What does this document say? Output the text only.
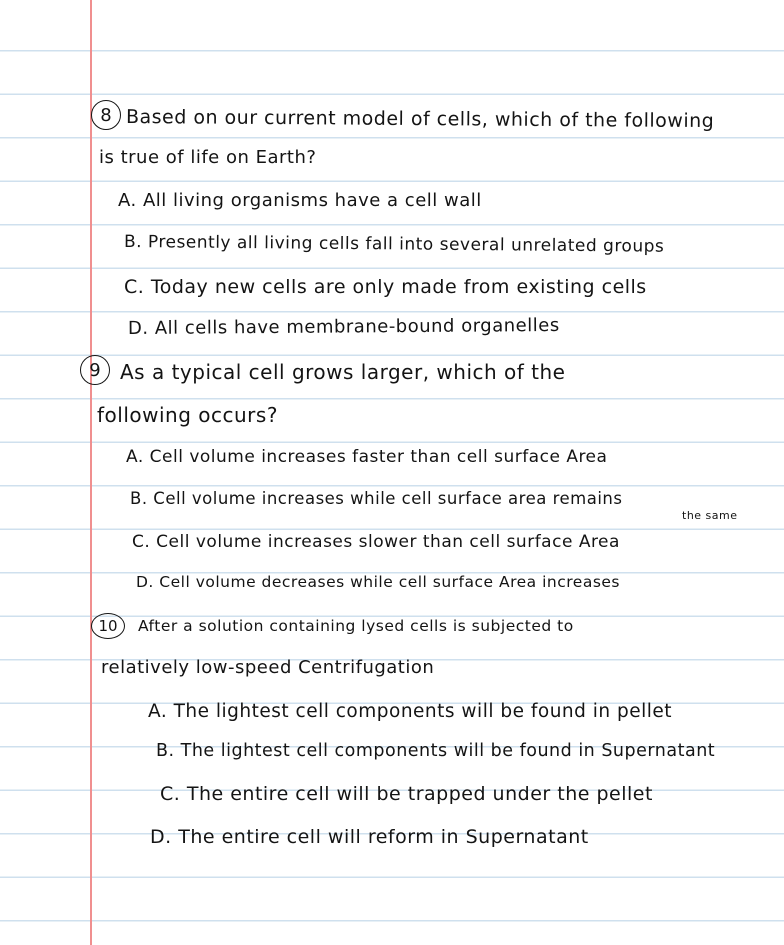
8 Based on our current model of cells, which of the following
is true of life on Earth?
A. All living organisms have a cell wall
B. Presently all living cells fall into several unrelated groups
C. Today new cells are only made from existing cells
D. All cells have membrane-bound organelles
9 As a typical cell grows larger, which of the
following occurs?
A. Cell volume increases faster than cell surface Area
B. Cell volume increases while cell surface area remains
the same
C. Cell volume increases slower than cell surface Area
D. Cell volume decreases while cell surface Area increases
10	After a solution containing lysed cells is subjected to
relatively low-speed Centrifugation
A. The lightest cell components will be found in pellet
B. The lightest cell components will be found in Supernatant
C. The entire cell will be trapped under the pellet
D. The entire cell will reform in Supernatant
